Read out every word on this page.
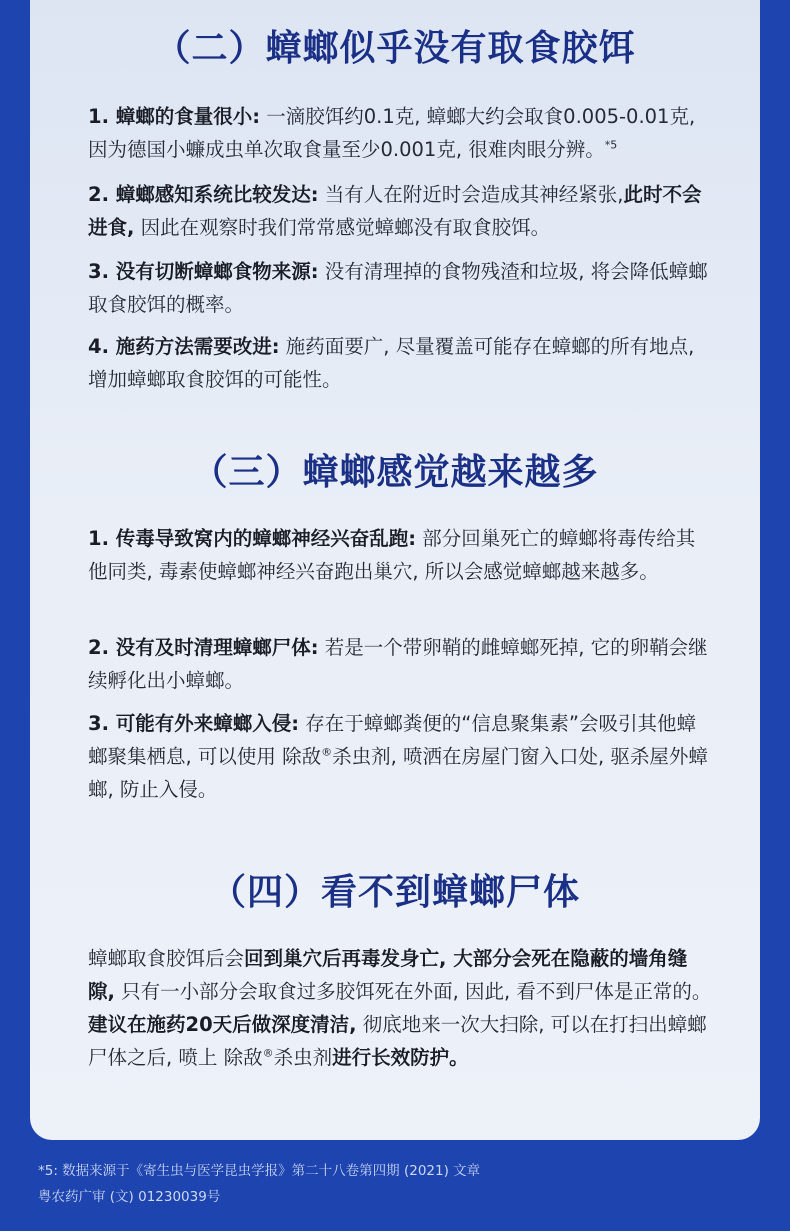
（二）蟑螂似乎没有取食胶饵

1. 蟑螂的食量很小: 一滴胶饵约0.1克, 蟑螂大约会取食0.005-0.01克, 因为德国小蠊成虫单次取食量至少0.001克, 很难肉眼分辨。$^{*5}$

2. 蟑螂感知系统比较发达: 当有人在附近时会造成其神经紧张,此时不会进食, 因此在观察时我们常常感觉蟑螂没有取食胶饵。

3. 没有切断蟑螂食物来源: 没有清理掉的食物残渣和垃圾, 将会降低蟑螂取食胶饵的概率。

4. 施药方法需要改进: 施药面要广, 尽量覆盖可能存在蟑螂的所有地点, 增加蟑螂取食胶饵的可能性。

（三）蟑螂感觉越来越多

1. 传毒导致窝内的蟑螂神经兴奋乱跑: 部分回巢死亡的蟑螂将毒传给其他同类, 毒素使蟑螂神经兴奋跑出巢穴, 所以会感觉蟑螂越来越多。

2. 没有及时清理蟑螂尸体: 若是一个带卵鞘的雌蟑螂死掉, 它的卵鞘会继续孵化出小蟑螂。

3. 可能有外来蟑螂入侵: 存在于蟑螂粪便的“信息聚集素”会吸引其他蟑螂聚集栖息, 可以使用 除敌®杀虫剂, 喷洒在房屋门窗入口处, 驱杀屋外蟑螂, 防止入侵。

（四）看不到蟑螂尸体

蟑螂取食胶饵后会回到巢穴后再毒发身亡, 大部分会死在隐蔽的墙角缝隙, 只有一小部分会取食过多胶饵死在外面, 因此, 看不到尸体是正常的。建议在施药20天后做深度清洁, 彻底地来一次大扫除, 可以在打扫出蟑螂尸体之后, 喷上 除敌®杀虫剂进行长效防护。

*5: 数据来源于《寄生虫与医学昆虫学报》第二十八卷第四期 (2021) 文章

粤农药广审 (文) 01230039号
